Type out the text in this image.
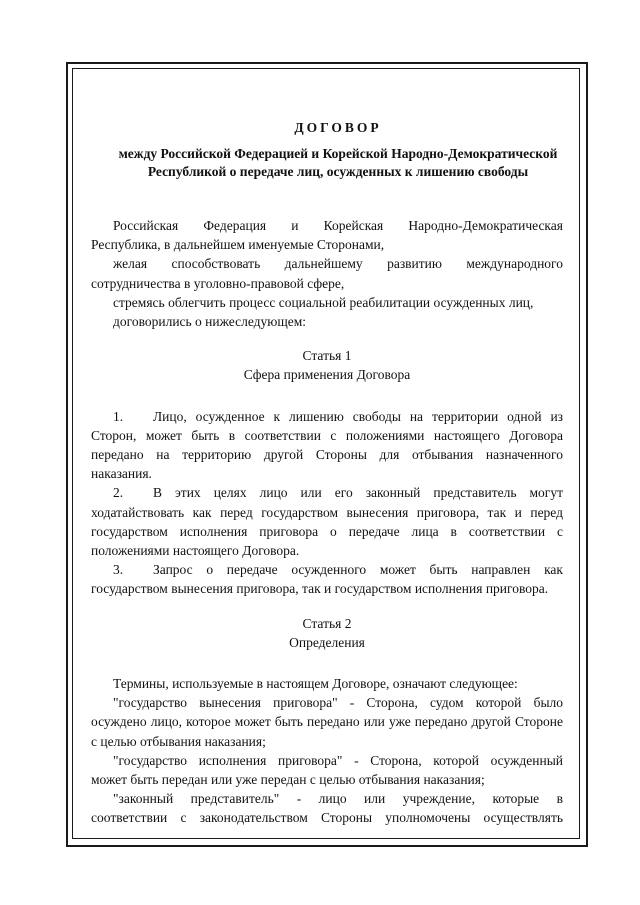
ДОГОВОР
между Российской Федерацией и Корейской Народно-Демократической
Республикой о передаче лиц, осужденных к лишению свободы

Российская Федерация и Корейская Народно-Демократическая

Республика, в дальнейшем именуемые Сторонами,

желая способствовать дальнейшему развитию международного

сотрудничества в уголовно-правовой сфере,

стремясь облегчить процесс социальной реабилитации осужденных лиц,

договорились о нижеследующем:

Статья 1

Сфера применения Договора

1. Лицо, осужденное к лишению свободы на территории одной из

Сторон, может быть в соответствии с положениями настоящего Договора

передано на территорию другой Стороны для отбывания назначенного

наказания.

2. В этих целях лицо или его законный представитель могут

ходатайствовать как перед государством вынесения приговора, так и перед

государством исполнения приговора о передаче лица в соответствии с

положениями настоящего Договора.

3. Запрос о передаче осужденного может быть направлен как

государством вынесения приговора, так и государством исполнения приговора.

Статья 2

Определения

Термины, используемые в настоящем Договоре, означают следующее:

"государство вынесения приговора" - Сторона, судом которой было

осуждено лицо, которое может быть передано или уже передано другой Стороне

с целью отбывания наказания;

"государство исполнения приговора" - Сторона, которой осужденный

может быть передан или уже передан с целью отбывания наказания;

"законный представитель" - лицо или учреждение, которые в

соответствии с законодательством Стороны уполномочены осуществлять
